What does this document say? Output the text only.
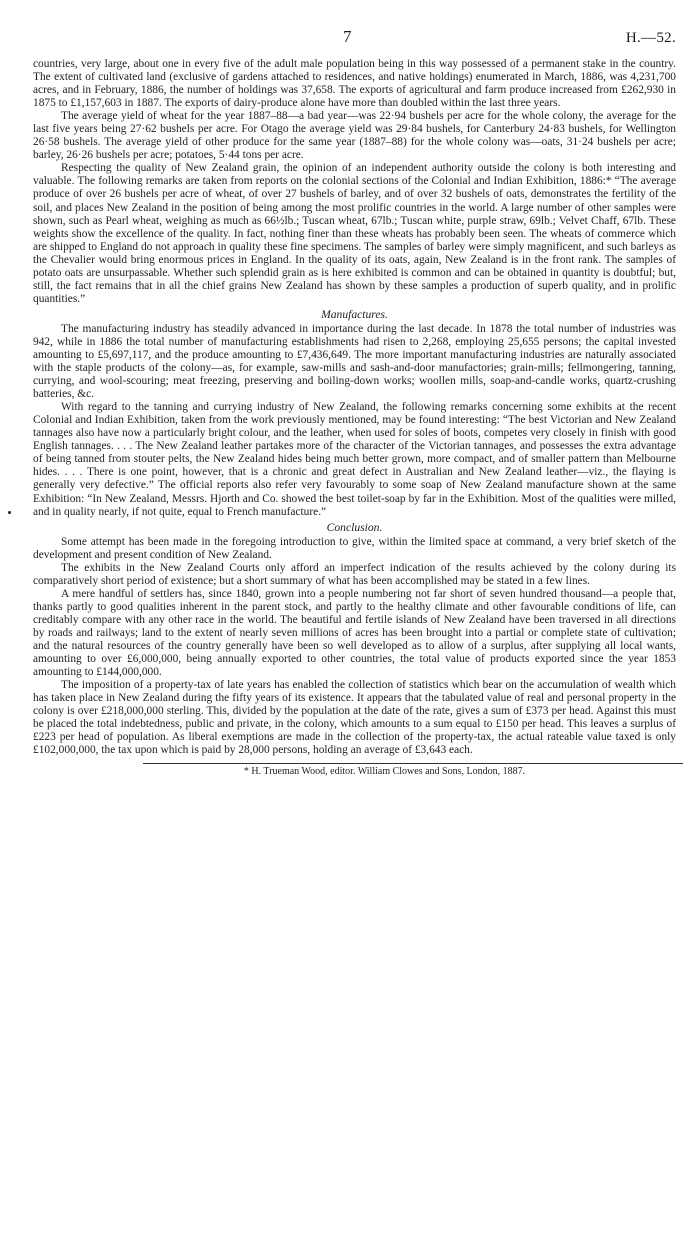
7	H.—52.

countries, very large, about one in every five of the adult male population being in this way possessed of a permanent stake in the country. The extent of cultivated land (exclusive of gardens attached to residences, and native holdings) enumerated in March, 1886, was 4,231,700 acres, and in February, 1886, the number of holdings was 37,658. The exports of agricultural and farm produce increased from £262,930 in 1875 to £1,157,603 in 1887. The exports of dairy-produce alone have more than doubled within the last three years.

The average yield of wheat for the year 1887–88—a bad year—was 22·94 bushels per acre for the whole colony, the average for the last five years being 27·62 bushels per acre. For Otago the average yield was 29·84 bushels, for Canterbury 24·83 bushels, for Wellington 26·58 bushels. The average yield of other produce for the same year (1887–88) for the whole colony was—oats, 31·24 bushels per acre; barley, 26·26 bushels per acre; potatoes, 5·44 tons per acre.

Respecting the quality of New Zealand grain, the opinion of an independent authority outside the colony is both interesting and valuable. The following remarks are taken from reports on the colonial sections of the Colonial and Indian Exhibition, 1886:* “The average produce of over 26 bushels per acre of wheat, of over 27 bushels of barley, and of over 32 bushels of oats, demonstrates the fertility of the soil, and places New Zealand in the position of being among the most prolific countries in the world. A large number of other samples were shown, such as Pearl wheat, weighing as much as 66½lb.; Tuscan wheat, 67lb.; Tuscan white, purple straw, 69lb.; Velvet Chaff, 67lb. These weights show the excellence of the quality. In fact, nothing finer than these wheats has probably been seen. The wheats of commerce which are shipped to England do not approach in quality these fine specimens. The samples of barley were simply magnificent, and such barleys as the Chevalier would bring enormous prices in England. In the quality of its oats, again, New Zealand is in the front rank. The samples of potato oats are unsurpassable. Whether such splendid grain as is here exhibited is common and can be obtained in quantity is doubtful; but, still, the fact remains that in all the chief grains New Zealand has shown by these samples a production of superb quality, and in prolific quantities.”

Manufactures.

The manufacturing industry has steadily advanced in importance during the last decade. In 1878 the total number of industries was 942, while in 1886 the total number of manufacturing establishments had risen to 2,268, employing 25,655 persons; the capital invested amounting to £5,697,117, and the produce amounting to £7,436,649. The more important manufacturing industries are naturally associated with the staple products of the colony—as, for example, saw-mills and sash-and-door manufactories; grain-mills; fellmongering, tanning, currying, and wool-scouring; meat freezing, preserving and boiling-down works; woollen mills, soap-and-candle works, quartz-crushing batteries, &c.

With regard to the tanning and currying industry of New Zealand, the following remarks concerning some exhibits at the recent Colonial and Indian Exhibition, taken from the work previously mentioned, may be found interesting: “The best Victorian and New Zealand tannages also have now a particularly bright colour, and the leather, when used for soles of boots, competes very closely in finish with good English tannages. . . . The New Zealand leather partakes more of the character of the Victorian tannages, and possesses the extra advantage of being tanned from stouter pelts, the New Zealand hides being much better grown, more compact, and of smaller pattern than Melbourne hides. . . . There is one point, however, that is a chronic and great defect in Australian and New Zealand leather—viz., the flaying is generally very defective.” The official reports also refer very favourably to some soap of New Zealand manufacture shown at the same Exhibition: “In New Zealand, Messrs. Hjorth and Co. showed the best toilet-soap by far in the Exhibition. Most of the qualities were milled, and in quality nearly, if not quite, equal to French manufacture.”

Conclusion.

Some attempt has been made in the foregoing introduction to give, within the limited space at command, a very brief sketch of the development and present condition of New Zealand.

The exhibits in the New Zealand Courts only afford an imperfect indication of the results achieved by the colony during its comparatively short period of existence; but a short summary of what has been accomplished may be stated in a few lines.

A mere handful of settlers has, since 1840, grown into a people numbering not far short of seven hundred thousand—a people that, thanks partly to good qualities inherent in the parent stock, and partly to the healthy climate and other favourable conditions of life, can creditably compare with any other race in the world. The beautiful and fertile islands of New Zealand have been traversed in all directions by roads and railways; land to the extent of nearly seven millions of acres has been brought into a partial or complete state of cultivation; and the natural resources of the country generally have been so well developed as to allow of a surplus, after supplying all local wants, amounting to over £6,000,000, being annually exported to other countries, the total value of products exported since the year 1853 amounting to £144,000,000.

The imposition of a property-tax of late years has enabled the collection of statistics which bear on the accumulation of wealth which has taken place in New Zealand during the fifty years of its existence. It appears that the tabulated value of real and personal property in the colony is over £218,000,000 sterling. This, divided by the population at the date of the rate, gives a sum of £373 per head. Against this must be placed the total indebtedness, public and private, in the colony, which amounts to a sum equal to £150 per head. This leaves a surplus of £223 per head of population. As liberal exemptions are made in the collection of the property-tax, the actual rateable value taxed is only £102,000,000, the tax upon which is paid by 28,000 persons, holding an average of £3,643 each.

* H. Trueman Wood, editor. William Clowes and Sons, London, 1887.
